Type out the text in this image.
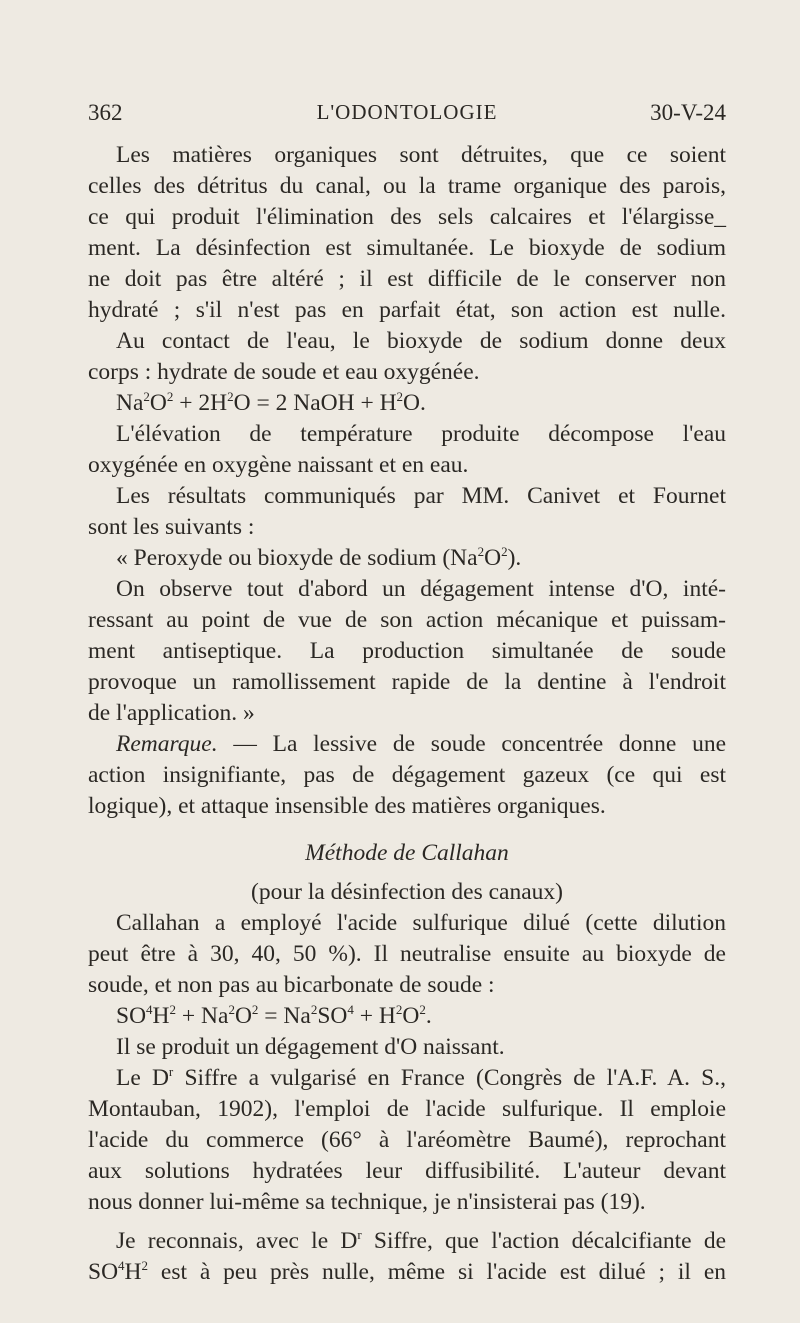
362	L'ODONTOLOGIE	30-V-24
Les matières organiques sont détruites, que ce soient
celles des détritus du canal, ou la trame organique des parois,
ce qui produit l'élimination des sels calcaires et l'élargisse_
ment. La désinfection est simultanée. Le bioxyde de sodium
ne doit pas être altéré ; il est difficile de le conserver non
hydraté ; s'il n'est pas en parfait état, son action est nulle.
Au contact de l'eau, le bioxyde de sodium donne deux
corps : hydrate de soude et eau oxygénée.
$Na^2O^2 + 2H^2O = 2$ NaOH + $H^2O$.
L'élévation de température produite décompose l'eau
oxygénée en oxygène naissant et en eau.
Les résultats communiqués par MM. Canivet et Fournet
sont les suivants :
« Peroxyde ou bioxyde de sodium $(Na^2O^2)$.
On observe tout d'abord un dégagement intense d'O, inté-
ressant au point de vue de son action mécanique et puissam-
ment antiseptique. La production simultanée de soude
provoque un ramollissement rapide de la dentine à l'endroit
de l'application. »
Remarque. — La lessive de soude concentrée donne une
action insignifiante, pas de dégagement gazeux (ce qui est
logique), et attaque insensible des matières organiques.
Méthode de Callahan
(pour la désinfection des canaux)
Callahan a employé l'acide sulfurique dilué (cette dilution
peut être à 30, 40, 50 %). Il neutralise ensuite au bioxyde de
soude, et non pas au bicarbonate de soude :
$SO^4H^2 + Na^2O^2 = Na^2SO^4 + H^2O^2$.
Il se produit un dégagement d'O naissant.
Le $D^r$ Siffre a vulgarisé en France (Congrès de l'A.F. A. S.,
Montauban, 1902), l'emploi de l'acide sulfurique. Il emploie
l'acide du commerce (66° à l'aréomètre Baumé), reprochant
aux solutions hydratées leur diffusibilité. L'auteur devant
nous donner lui-même sa technique, je n'insisterai pas (19).
Je reconnais, avec le $D^r$ Siffre, que l'action décalcifiante de
$SO^4H^2$ est à peu près nulle, même si l'acide est dilué ; il en
